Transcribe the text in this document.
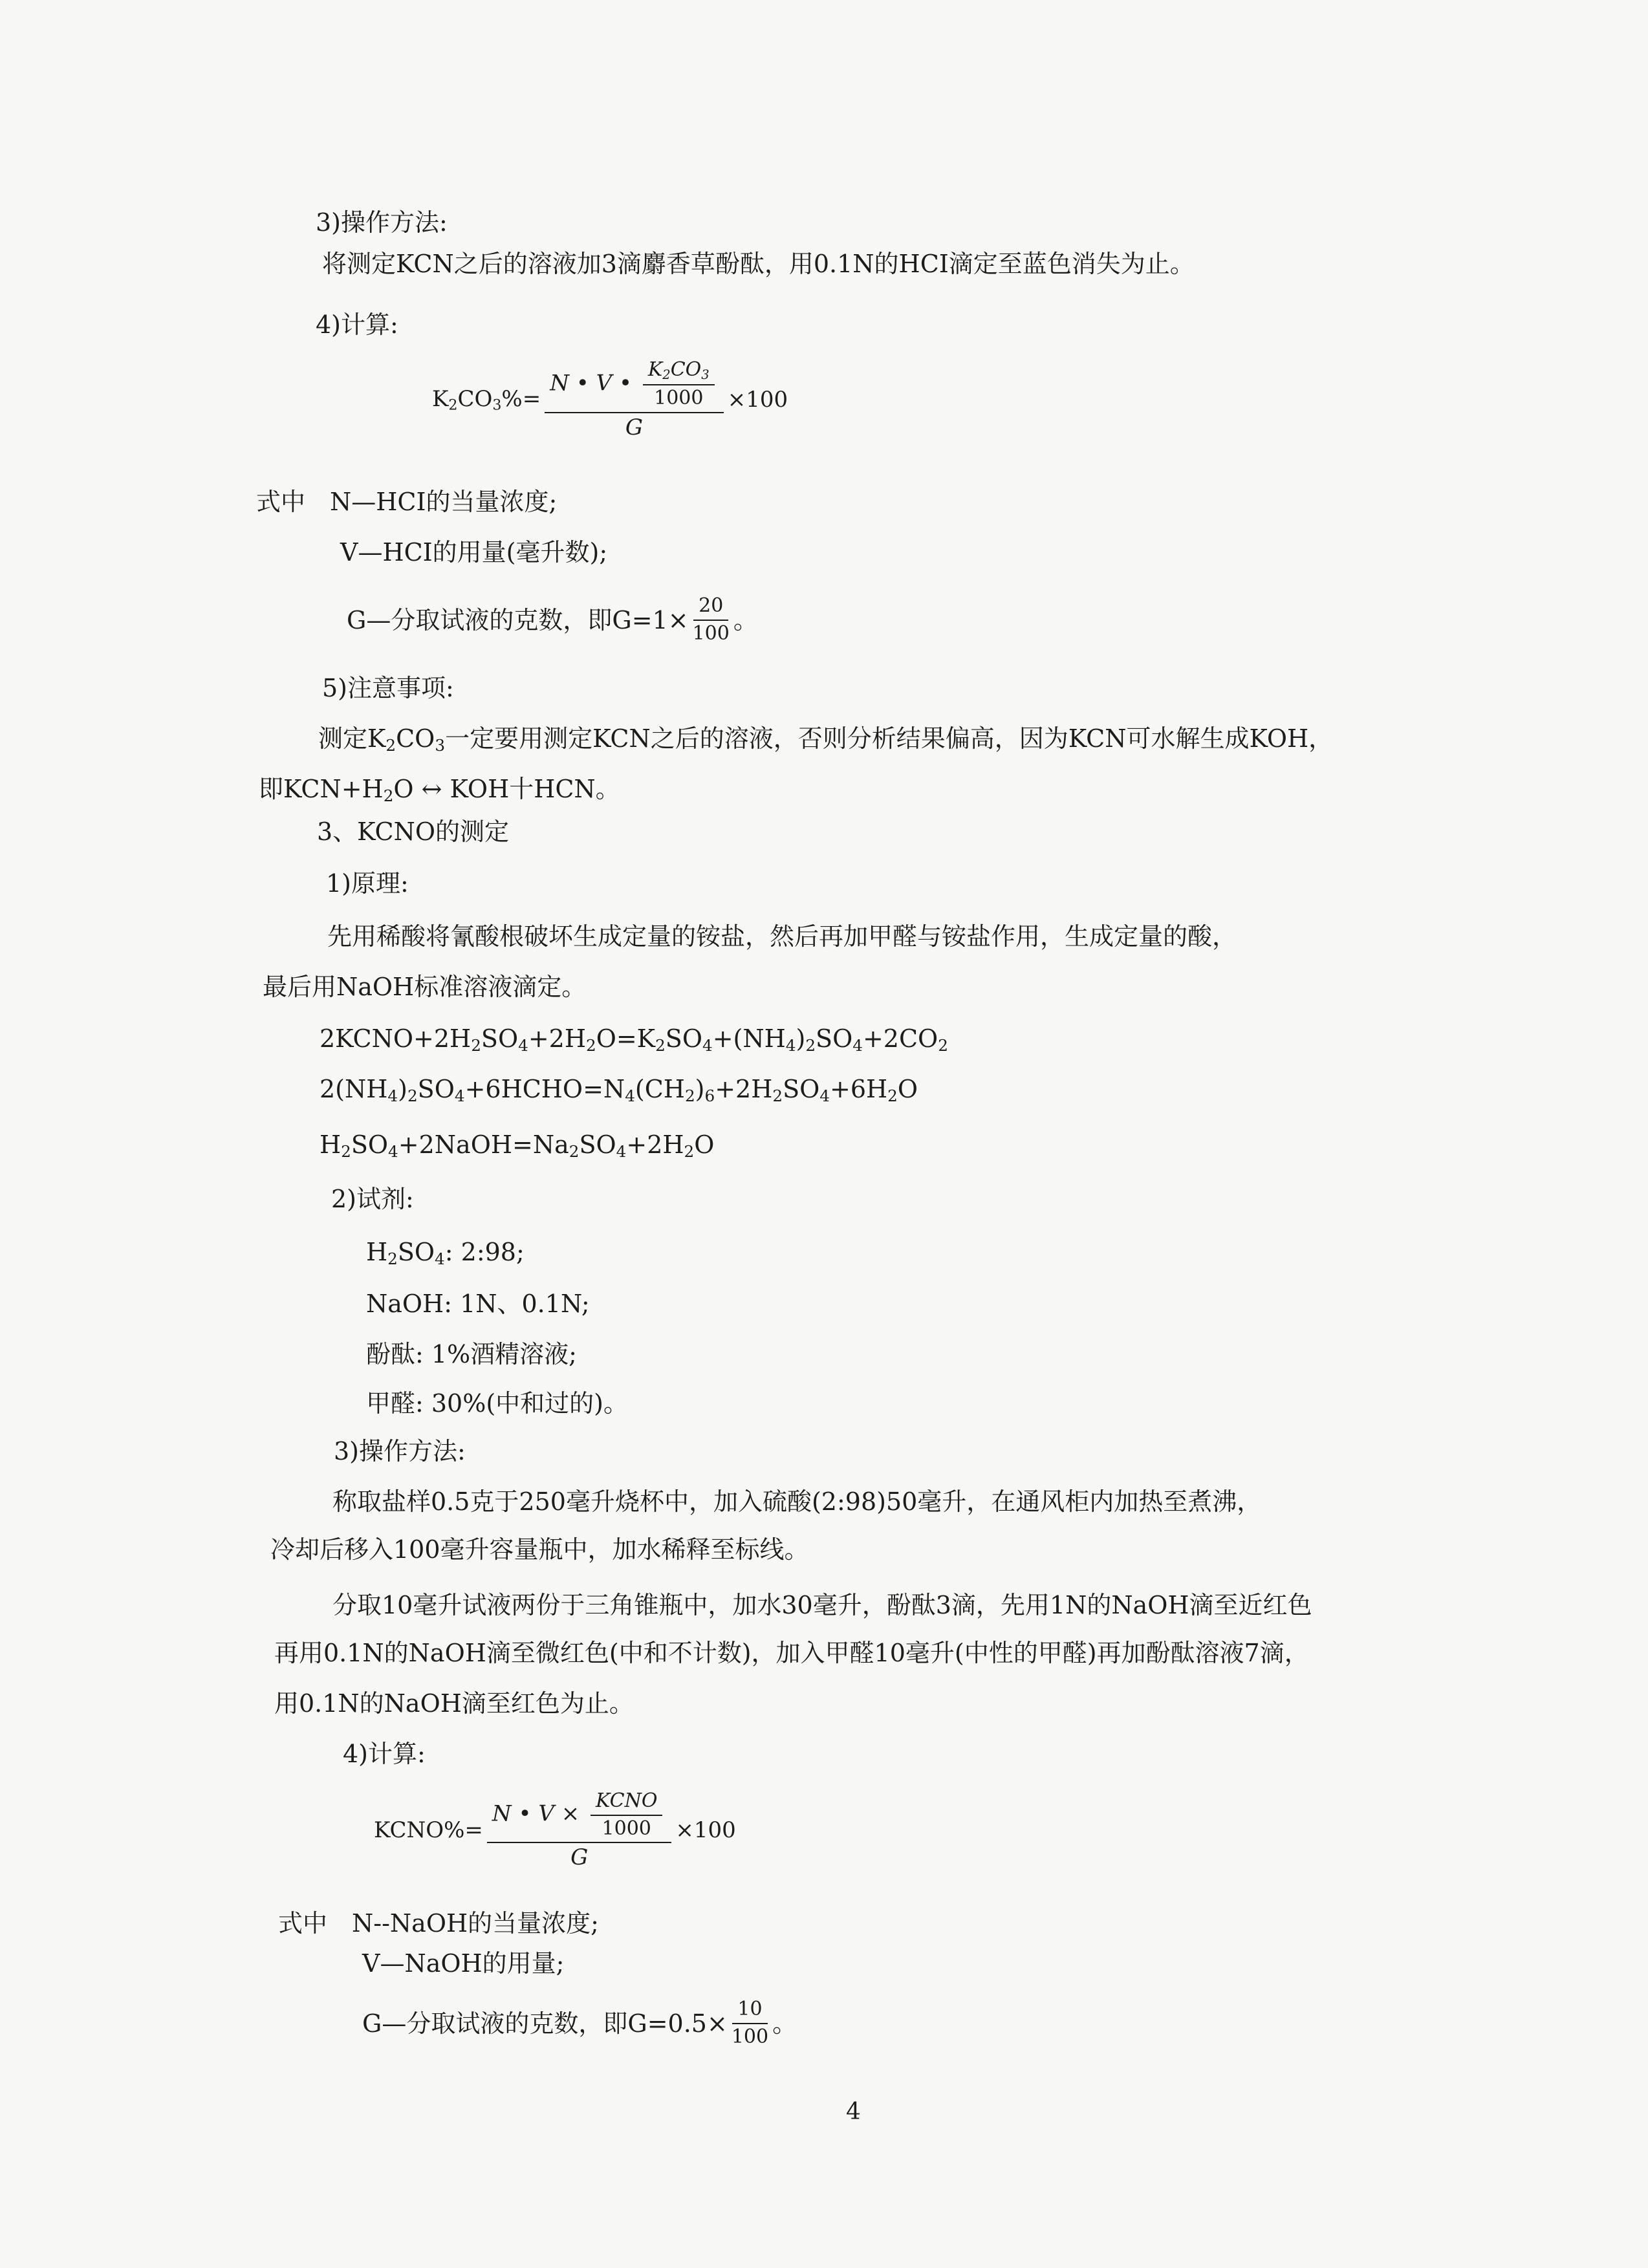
3)操作方法:
将测定KCN之后的溶液加3滴麝香草酚酞，用0.1N的HCI滴定至蓝色消失为止。
4)计算:
$K_2CO_3\%= \frac{N • V • \frac{K_2CO_3}{1000}}{G} \times 100$
式中　N—HCI的当量浓度;
V—HCI的用量(毫升数);
G—分取试液的克数，即$G=1 \times \frac{20}{100}$ 。
5)注意事项:
测定$K_2CO_3$一定要用测定KCN之后的溶液，否则分析结果偏高，因为KCN可水解生成KOH，
即$KCN+H_2O$ ↔ KOH十HCN。
3、KCNO的测定
1)原理:
先用稀酸将氰酸根破坏生成定量的铵盐，然后再加甲醛与铵盐作用，生成定量的酸，
最后用NaOH标准溶液滴定。
$2KCNO+2H_2SO_4+2H_2O=K_2SO_4+(NH_4)_2SO_4+2CO_2$
$2(NH_4)_2SO_4+6HCHO=N_4(CH_2)_6+2H_2SO_4+6H_2O$
$H_2SO_4+2NaOH=Na_2SO_4+2H_2O$
2)试剂:
$H_2SO_4$: 2:98;
NaOH: 1N、0.1N;
酚酞: 1%酒精溶液;
甲醛: 30%(中和过的)。
3)操作方法:
称取盐样0.5克于250毫升烧杯中，加入硫酸(2:98)50毫升，在通风柜内加热至煮沸，
冷却后移入100毫升容量瓶中，加水稀释至标线。
分取10毫升试液两份于三角锥瓶中，加水30毫升，酚酞3滴，先用1N的NaOH滴至近红色
再用0.1N的NaOH滴至微红色(中和不计数)，加入甲醛10毫升(中性的甲醛)再加酚酞溶液7滴，
用0.1N的NaOH滴至红色为止。
4)计算:
KCNO%= $\frac{N • V \times \frac{\text{KCNO}}{1000}}{G} \times 100$
式中　N--NaOH的当量浓度;
V—NaOH的用量;
G—分取试液的克数，即$G=0.5 \times \frac{10}{100}$ 。
4
